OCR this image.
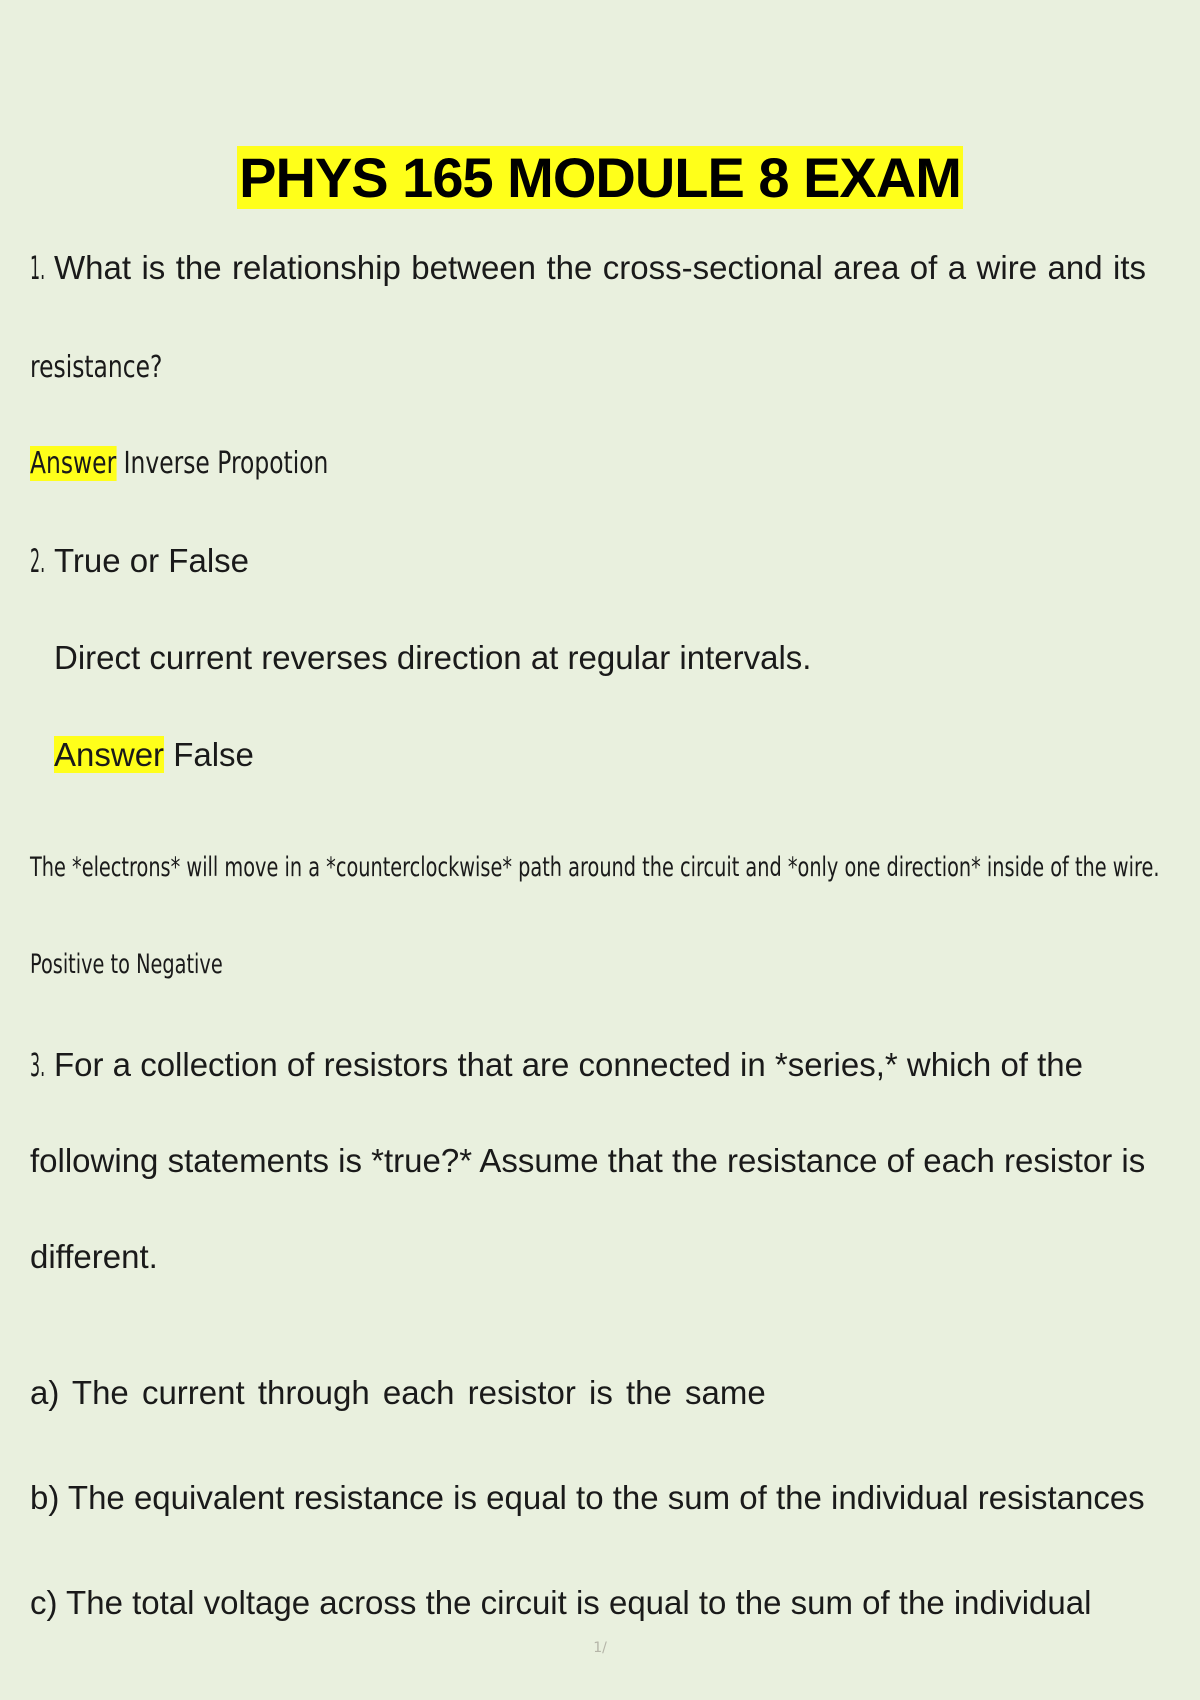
PHYS 165 MODULE 8 EXAM
1. What is the relationship between the cross-sectional area of a wire and its
resistance?
Answer Inverse Propotion
2. True or False
Direct current reverses direction at regular intervals.
Answer False
The *electrons* will move in a *counterclockwise* path around the circuit and *only one direction* inside of the wire.
Positive to Negative
3. For a collection of resistors that are connected in *series,* which of the
following statements is *true?* Assume that the resistance of each resistor is
different.
a) The current through each resistor is the same
b) The equivalent resistance is equal to the sum of the individual resistances
c) The total voltage across the circuit is equal to the sum of the individual
1/
